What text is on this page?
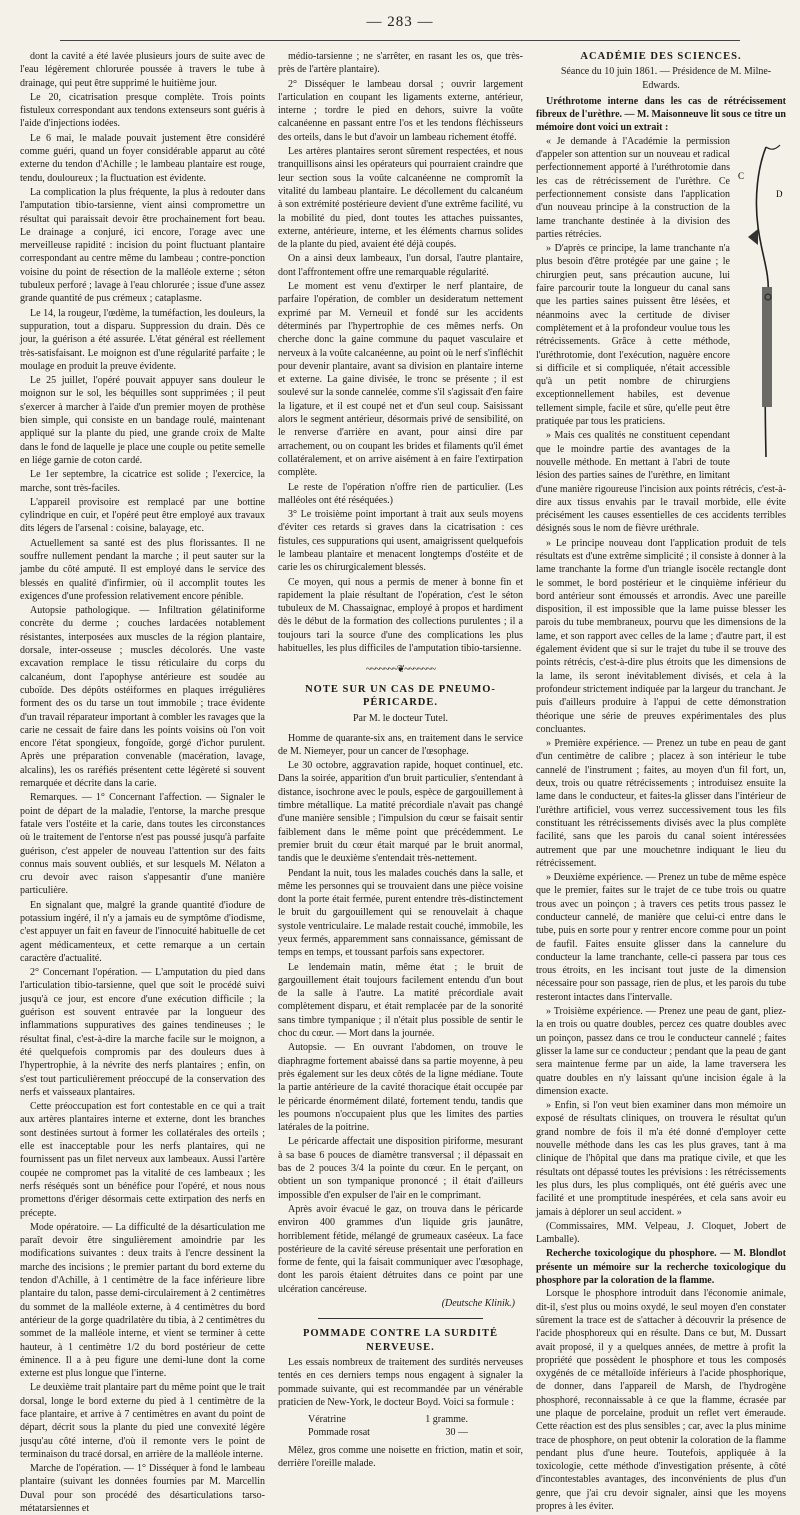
— 283 —

dont la cavité a été lavée plusieurs jours de suite avec de l'eau légèrement chlorurée poussée à travers le tube à drainage, qui peut être supprimé le huitième jour.

Le 20, cicatrisation presque complète. Trois points fistuleux correspondant aux tendons extenseurs sont guéris à l'aide d'injections iodées.

Le 6 mai, le malade pouvait justement être considéré comme guéri, quand un foyer considérable apparut au côté externe du tendon d'Achille ; le lambeau plantaire est rouge, tendu, douloureux ; la fluctuation est évidente.

La complication la plus fréquente, la plus à redouter dans l'amputation tibio-tarsienne, vient ainsi compromettre un résultat qui paraissait devoir être prochainement fort beau. Le drainage a conjuré, ici encore, l'orage avec une merveilleuse rapidité : incision du point fluctuant plantaire correspondant au centre même du lambeau ; contre-ponction voisine du point de résection de la malléole externe ; séton tubuleux perforé ; lavage à l'eau chlorurée ; issue d'une assez grande quantité de pus crémeux ; cataplasme.

Le 14, la rougeur, l'œdème, la tuméfaction, les douleurs, la suppuration, tout a disparu. Suppression du drain. Dès ce jour, la guérison a été assurée. L'état général est réellement très-satisfaisant. Le moignon est d'une régularité parfaite ; le moulage en produit la preuve évidente.

Le 25 juillet, l'opéré pouvait appuyer sans douleur le moignon sur le sol, les béquilles sont supprimées ; il peut s'exercer à marcher à l'aide d'un premier moyen de prothèse bien simple, qui consiste en un bandage roulé, maintenant appliqué sur la plante du pied, une grande croix de Malte dans le fond de laquelle je place une couple ou petite semelle en liége garnie de coton cardé.

Le 1er septembre, la cicatrice est solide ; l'exercice, la marche, sont très-faciles.

L'appareil provisoire est remplacé par une bottine cylindrique en cuir, et l'opéré peut être employé aux travaux dits légers de l'arsenal : coisine, balayage, etc.

Actuellement sa santé est des plus florissantes. Il ne souffre nullement pendant la marche ; il peut sauter sur la jambe du côté amputé. Il est employé dans le service des blessés en qualité d'infirmier, où il accomplit toutes les exigences d'une profession relativement encore pénible.

Autopsie pathologique. — Infiltration gélatiniforme concrète du derme ; couches lardacées notablement résistantes, interposées aux muscles de la région plantaire, dorsale, inter-osseuse ; muscles décolorés. Une vaste excavation remplace le tissu réticulaire du corps du calcanéum, dont l'apophyse antérieure est soudée au cuboïde. Des dépôts ostéiformes en plaques irrégulières forment des os du tarse un tout immobile ; trace évidente d'un travail réparateur important à combler les ravages que la carie ne cessait de faire dans les points voisins où l'on voit encore l'état spongieux, fongoïde, gorgé d'ichor purulent. Après une préparation convenable (macération, lavage, alcalins), les os raréfiés présentent cette légèreté si souvent remarquée et décrite dans la carie.

Remarques. — 1° Concernant l'affection. — Signaler le point de départ de la maladie, l'entorse, la marche presque fatale vers l'ostéite et la carie, dans toutes les circonstances où le traitement de l'entorse n'est pas poussé jusqu'à parfaite guérison, c'est appeler de nouveau l'attention sur des faits connus mais souvent oubliés, et sur lesquels M. Nélaton a cru devoir avec raison s'appesantir d'une manière particulière.

En signalant que, malgré la grande quantité d'iodure de potassium ingéré, il n'y a jamais eu de symptôme d'iodisme, c'est appuyer un fait en faveur de l'innocuité habituelle de cet agent médicamenteux, et cette remarque a un certain caractère d'actualité.

2° Concernant l'opération. — L'amputation du pied dans l'articulation tibio-tarsienne, quel que soit le procédé suivi jusqu'à ce jour, est encore d'une exécution difficile ; la guérison est souvent entravée par la longueur des inflammations suppuratives des gaines tendineuses ; le résultat final, c'est-à-dire la marche facile sur le moignon, a été quelquefois compromis par des douleurs dues à l'hypertrophie, à la névrite des nerfs plantaires ; enfin, on s'est tout particulièrement préoccupé de la conservation des nerfs et vaisseaux plantaires.

Cette préoccupation est fort contestable en ce qui a trait aux artères plantaires interne et externe, dont les branches sont destinées surtout à former les collatérales des orteils ; elle est inacceptable pour les nerfs plantaires, qui ne fournissent pas un filet nerveux aux lambeaux. Aussi l'artère coupée ne compromet pas la vitalité de ces lambeaux ; les nerfs réséqués sont un bénéfice pour l'opéré, et nous nous promettons d'ériger désormais cette extirpation des nerfs en précepte.

Mode opératoire. — La difficulté de la désarticulation me paraît devoir être singulièrement amoindrie par les modifications suivantes : deux traits à l'encre dessinent la marche des incisions ; le premier partant du bord externe du tendon d'Achille, à 1 centimètre de la face inférieure libre plantaire du talon, passe demi-circulairement à 2 centimètres du sommet de la malléole externe, à 4 centimètres du bord antérieur de la gorge quadrilatère du tibia, à 2 centimètres du sommet de la malléole interne, et vient se terminer à cette hauteur, à 1 centimètre 1/2 du bord postérieur de cette éminence. Il a à peu figure une demi-lune dont la corne externe est plus longue que l'interne.

Le deuxième trait plantaire part du même point que le trait dorsal, longe le bord externe du pied à 1 centimètre de la face plantaire, et arrive à 7 centimètres en avant du point de départ, décrit sous la plante du pied une convexité légère jusqu'au côté interne, d'où il remonte vers le point de terminaison du tracé dorsal, en arrière de la malléole interne.

Marche de l'opération. — 1° Disséquer à fond le lambeau plantaire (suivant les données fournies par M. Marcellin Duval pour son procédé des désarticulations tarso-métatarsiennes et

médio-tarsienne ; ne s'arrêter, en rasant les os, que très-près de l'artère plantaire).

2° Disséquer le lambeau dorsal ; ouvrir largement l'articulation en coupant les ligaments externe, antérieur, interne ; tordre le pied en dehors, suivre la voûte calcanéenne en passant entre l'os et les tendons fléchisseurs des orteils, dans le but d'avoir un lambeau richement étoffé.

Les artères plantaires seront sûrement respectées, et nous tranquillisons ainsi les opérateurs qui pourraient craindre que leur section sous la voûte calcanéenne ne compromît la vitalité du lambeau plantaire. Le décollement du calcanéum à son extrémité postérieure devient d'une extrême facilité, vu la mobilité du pied, dont toutes les attaches puissantes, externe, antérieure, interne, et les éléments charnus solides de la plante du pied, avaient été déjà coupés.

On a ainsi deux lambeaux, l'un dorsal, l'autre plantaire, dont l'affrontement offre une remarquable régularité.

Le moment est venu d'extirper le nerf plantaire, de parfaire l'opération, de combler un desideratum nettement exprimé par M. Verneuil et fondé sur les accidents déterminés par l'hypertrophie de ces mêmes nerfs. On cherche donc la gaine commune du paquet vasculaire et nerveux à la voûte calcanéenne, au point où le nerf s'infléchit pour devenir plantaire, avant sa division en plantaire interne et externe. La gaine divisée, le tronc se présente ; il est soulevé sur la sonde cannelée, comme s'il s'agissait d'en faire la ligature, et il est coupé net et d'un seul coup. Saisissant alors le segment antérieur, désormais privé de sensibilité, on le renverse d'arrière en avant, pour ainsi dire par arrachement, ou on coupant les brides et filaments qu'il émet collatéralement, et on arrive aisément à en faire l'extirpation complète.

Le reste de l'opération n'offre rien de particulier. (Les malléoles ont été réséquées.)

3° Le troisième point important à trait aux seuls moyens d'éviter ces retards si graves dans la cicatrisation : ces fistules, ces suppurations qui usent, amaigrissent quelquefois le lambeau plantaire et menacent longtemps d'ostéite et de carie les os chirurgicalement blessés.

Ce moyen, qui nous a permis de mener à bonne fin et rapidement la plaie résultant de l'opération, c'est le séton tubuleux de M. Chassaignac, employé à propos et hardiment dès le début de la formation des collections purulentes ; il a toujours tari la source d'une des complications les plus habituelles, les plus difficiles de l'amputation tibio-tarsienne.

~~~~~~~❦~~~~~~~
NOTE SUR UN CAS DE PNEUMO-PÉRICARDE.
Par M. le docteur Tutel.

Homme de quarante-six ans, en traitement dans le service de M. Niemeyer, pour un cancer de l'œsophage.

Le 30 octobre, aggravation rapide, hoquet continuel, etc. Dans la soirée, apparition d'un bruit particulier, s'entendant à distance, isochrone avec le pouls, espèce de gargouillement à timbre métallique. La matité précordiale n'avait pas changé d'une manière sensible ; l'impulsion du cœur se faisait sentir faiblement dans le même point que précédemment. Le premier bruit du cœur était marqué par le bruit anormal, tandis que le deuxième s'entendait très-nettement.

Pendant la nuit, tous les malades couchés dans la salle, et même les personnes qui se trouvaient dans une pièce voisine dont la porte était fermée, purent entendre très-distinctement le bruit du gargouillement qui se renouvelait à chaque systole ventriculaire. Le malade restait couché, immobile, les yeux fermés, apparemment sans connaissance, gémissant de temps en temps, et toussant parfois sans expectorer.

Le lendemain matin, même état ; le bruit de gargouillement était toujours facilement entendu d'un bout de la salle à l'autre. La matité précordiale avait complètement disparu, et était remplacée par de la sonorité sans timbre tympanique ; il n'était plus possible de sentir le choc du cœur. — Mort dans la journée.

Autopsie. — En ouvrant l'abdomen, on trouve le diaphragme fortement abaissé dans sa partie moyenne, à peu près également sur les deux côtés de la ligne médiane. Toute la partie antérieure de la cavité thoracique était occupée par le péricarde énormément dilaté, fortement tendu, tandis que les poumons n'occupaient plus que les limites des parties latérales de la poitrine.

Le péricarde affectait une disposition piriforme, mesurant à sa base 6 pouces de diamètre transversal ; il dépassait en bas de 2 pouces 3/4 la pointe du cœur. En le perçant, on obtient un son tympanique prononcé ; il était d'ailleurs impossible d'en expulser de l'air en le comprimant.

Après avoir évacué le gaz, on trouva dans le péricarde environ 400 grammes d'un liquide gris jaunâtre, horriblement fétide, mélangé de grumeaux caséeux. La face postérieure de la cavité séreuse présentait une perforation en forme de fente, qui la faisait communiquer avec l'œsophage, dont les parois étaient détruites dans ce point par une ulcération cancéreuse.

(Deutsche Klinik.)

POMMADE CONTRE LA SURDITÉ NERVEUSE.

Les essais nombreux de traitement des surdités nerveuses tentés en ces derniers temps nous engagent à signaler la pommade suivante, qui est recommandée par un vénérable praticien de New-York, le docteur Boyd. Voici sa formule :

Vératrine	1 gramme.
Pommade rosat	30 —

Mêlez, gros comme une noisette en friction, matin et soir, derrière l'oreille malade.

ACADÉMIE DES SCIENCES.

Séance du 10 juin 1861. — Présidence de M. Milne-Edwards.

Uréthrotome interne dans les cas de rétrécissement fibreux de l'urèthre. — M. Maisonneuve lit sous ce titre un mémoire dont voici un extrait :

C
D

« Je demande à l'Académie la permission d'appeler son attention sur un nouveau et radical perfectionnement apporté à l'uréthrotomie dans les cas de rétrécissement de l'urèthre. Ce perfectionnement consiste dans l'application d'un nouveau principe à la construction de la lame tranchante destinée à la division des parties rétrécies.

» D'après ce principe, la lame tranchante n'a plus besoin d'être protégée par une gaine ; le chirurgien peut, sans précaution aucune, lui faire parcourir toute la longueur du canal sans que les parties saines puissent être lésées, et néanmoins avec la certitude de diviser complètement et à la profondeur voulue tous les rétrécissements. Grâce à cette méthode, l'uréthrotomie, dont l'exécution, naguère encore si difficile et si compliquée, n'était accessible qu'à un petit nombre de chirurgiens exceptionnellement habiles, est devenue tellement simple, facile et sûre, qu'elle peut être pratiquée par tous les praticiens.

» Mais ces qualités ne constituent cependant que le moindre partie des avantages de la nouvelle méthode. En mettant à l'abri de toute lésion des parties saines de l'urèthre, en limitant d'une manière rigoureuse l'incision aux points rétrécis, c'est-à-dire aux tissus envahis par le travail morbide, elle évite précisément les causes essentielles de ces accidents terribles désignés sous le nom de fièvre uréthrale.

» Le principe nouveau dont l'application produit de tels résultats est d'une extrême simplicité ; il consiste à donner à la lame tranchante la forme d'un triangle isocèle rectangle dont le sommet, le bord postérieur et le cinquième inférieur du bord antérieur sont émoussés et arrondis. Avec une pareille disposition, il est impossible que la lame puisse blesser les parois du tube membraneux, pourvu que les dimensions de la lame, et son rapport avec celles de la lame ; d'autre part, il est également évident que si sur le trajet du tube il se trouve des points rétrécis, c'est-à-dire plus étroits que les dimensions de la lame, ils seront inévitablement divisés, et cela à la profondeur strictement indiquée par la largeur du tranchant. Je puis d'ailleurs produire à l'appui de cette démonstration théorique une série de preuves expérimentales des plus concluantes.

» Première expérience. — Prenez un tube en peau de gant d'un centimètre de calibre ; placez à son intérieur le tube cannelé de l'instrument ; faites, au moyen d'un fil fort, un, deux, trois ou quatre rétrécissements ; introduisez ensuite la lame dans le conducteur, et faites-la glisser dans l'intérieur de l'urèthre artificiel, vous verrez successivement tous les fils constituant les rétrécissements divisés avec la plus complète facilité, sans que les parois du canal soient intéressées autrement que par une mouchetnre indiquant le lieu du rétrécissement.

» Deuxième expérience. — Prenez un tube de même espèce que le premier, faites sur le trajet de ce tube trois ou quatre trous avec un poinçon ; à travers ces petits trous passez le conducteur cannelé, de manière que celui-ci entre dans le tube, puis en sorte pour y rentrer encore comme pour un point de faufil. Faites ensuite glisser dans la cannelure du conducteur la lame tranchante, celle-ci passera par tous ces trous étroits, en les incisant tout juste de la dimension nécessaire pour son passage, rien de plus, et les parois du tube resteront intactes dans l'intervalle.

» Troisième expérience. — Prenez une peau de gant, pliez-la en trois ou quatre doubles, percez ces quatre doubles avec un poinçon, passez dans ce trou le conducteur cannelé ; faites glisser la lame sur ce conducteur ; pendant que la peau de gant sera maintenue ferme par un aide, la lame traversera les quatre doubles en n'y laissant qu'une incision égale à la dimension exacte.

» Enfin, si l'on veut bien examiner dans mon mémoire un exposé de résultats cliniques, on trouvera le résultat qu'un grand nombre de fois il m'a été donné d'employer cette nouvelle méthode dans les cas les plus graves, tant à ma clinique de l'hôpital que dans ma pratique civile, et que les résultats ont dépassé toutes les prévisions : les rétrécissements les plus durs, les plus compliqués, ont été guéris avec une facilité et une promptitude inespérées, et cela sans avoir eu jamais à déplorer un seul accident. »

(Commissaires, MM. Velpeau, J. Cloquet, Jobert de Lamballe).

Recherche toxicologique du phosphore. — M. Blondlot présente un mémoire sur la recherche toxicologique du phosphore par la coloration de la flamme.

Lorsque le phosphore introduit dans l'économie animale, dit-il, s'est plus ou moins oxydé, le seul moyen d'en constater sûrement la trace est de s'attacher à découvrir la présence de l'acide phosphoreux qui en résulte. Dans ce but, M. Dussart avait proposé, il y a quelques années, de mettre à profit la propriété que possèdent le phosphore et tous les composés oxygénés de ce métalloïde inférieurs à l'acide phosphorique, de donner, dans l'appareil de Marsh, de l'hydrogène phosphoré, reconnaissable à ce que la flamme, écrasée par une plaque de porcelaine, produit un reflet vert émeraude. Cette réaction est des plus sensibles ; car, avec la plus minime trace de phosphore, on peut obtenir la coloration de la flamme pendant plus d'une heure. Toutefois, appliquée à la toxicologie, cette méthode d'investigation présente, à côté d'incontestables avantages, des inconvénients de plus d'un genre, que j'ai cru devoir signaler, ainsi que les moyens propres à les éviter.
